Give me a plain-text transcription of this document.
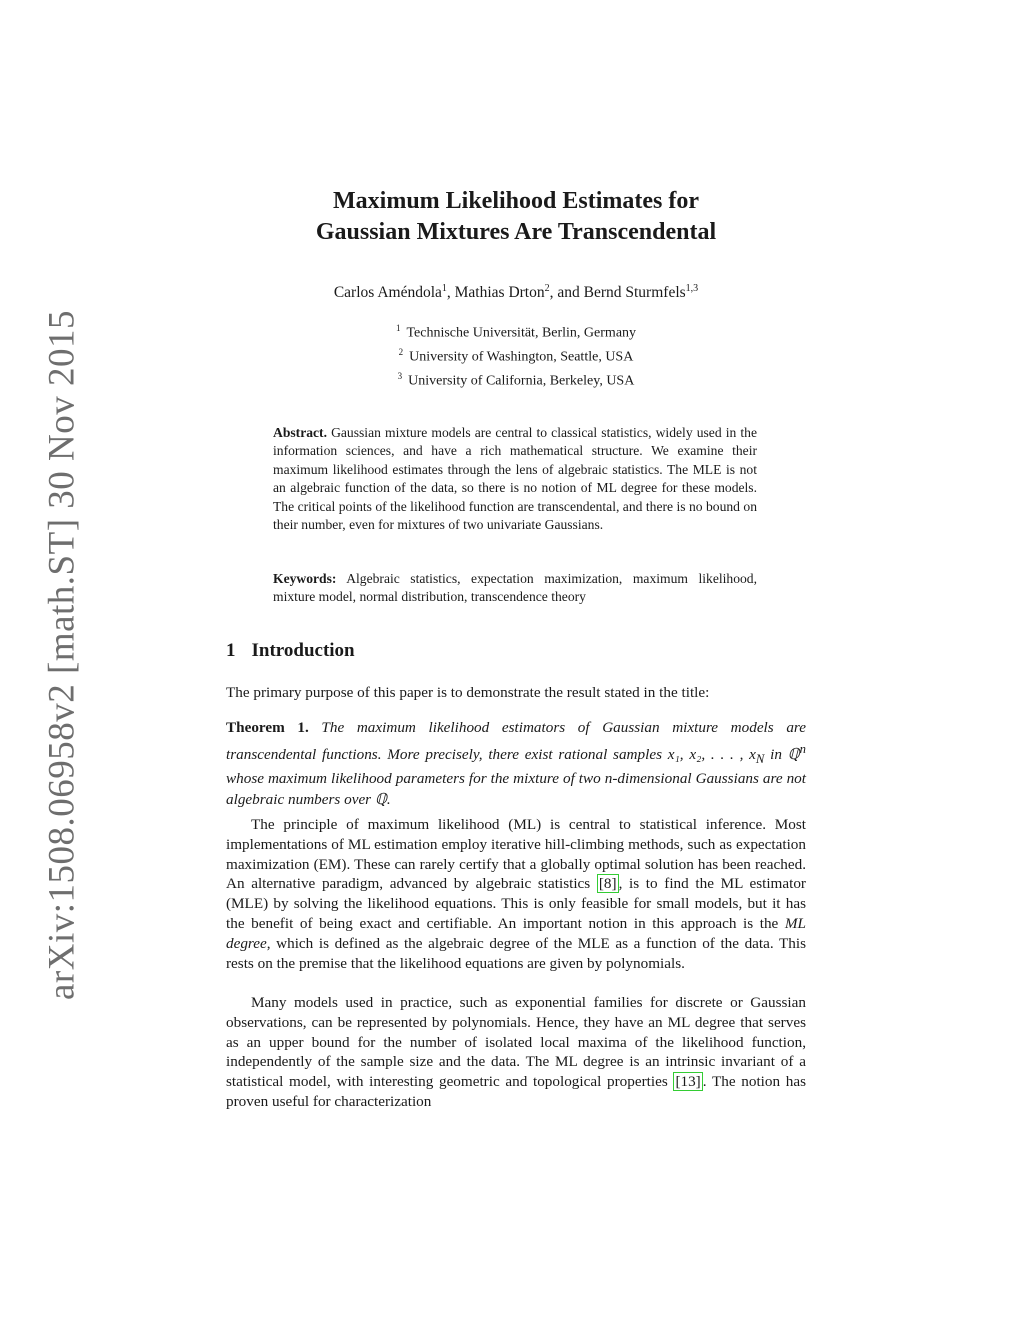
arXiv:1508.06958v2 [math.ST] 30 Nov 2015
Maximum Likelihood Estimates for
Gaussian Mixtures Are Transcendental
Carlos Améndola$^1$, Mathias Drton$^2$, and Bernd Sturmfels$^{1,3}$
$^1$ Technische Universität, Berlin, Germany
$^2$ University of Washington, Seattle, USA
$^3$ University of California, Berkeley, USA

Abstract. Gaussian mixture models are central to classical statistics, widely used in the information sciences, and have a rich mathematical structure. We examine their maximum likelihood estimates through the lens of algebraic statistics. The MLE is not an algebraic function of the data, so there is no notion of ML degree for these models. The critical points of the likelihood function are transcendental, and there is no bound on their number, even for mixtures of two univariate Gaussians.

Keywords: Algebraic statistics, expectation maximization, maximum likelihood, mixture model, normal distribution, transcendence theory

1 Introduction

The primary purpose of this paper is to demonstrate the result stated in the title:

Theorem 1. The maximum likelihood estimators of Gaussian mixture models are transcendental functions. More precisely, there exist rational samples x₁, x₂, . . . , $x_N$ in ℚ$^n$ whose maximum likelihood parameters for the mixture of two n-dimensional Gaussians are not algebraic numbers over ℚ.

The principle of maximum likelihood (ML) is central to statistical inference. Most implementations of ML estimation employ iterative hill-climbing methods, such as expectation maximization (EM). These can rarely certify that a globally optimal solution has been reached. An alternative paradigm, advanced by algebraic statistics [8] , is to find the ML estimator (MLE) by solving the likelihood equations. This is only feasible for small models, but it has the benefit of being exact and certifiable. An important notion in this approach is the ML degree, which is defined as the algebraic degree of the MLE as a function of the data. This rests on the premise that the likelihood equations are given by polynomials.

Many models used in practice, such as exponential families for discrete or Gaussian observations, can be represented by polynomials. Hence, they have an ML degree that serves as an upper bound for the number of isolated local maxima of the likelihood function, independently of the sample size and the data. The ML degree is an intrinsic invariant of a statistical model, with interesting geometric and topological properties [13] . The notion has proven useful for characterization
